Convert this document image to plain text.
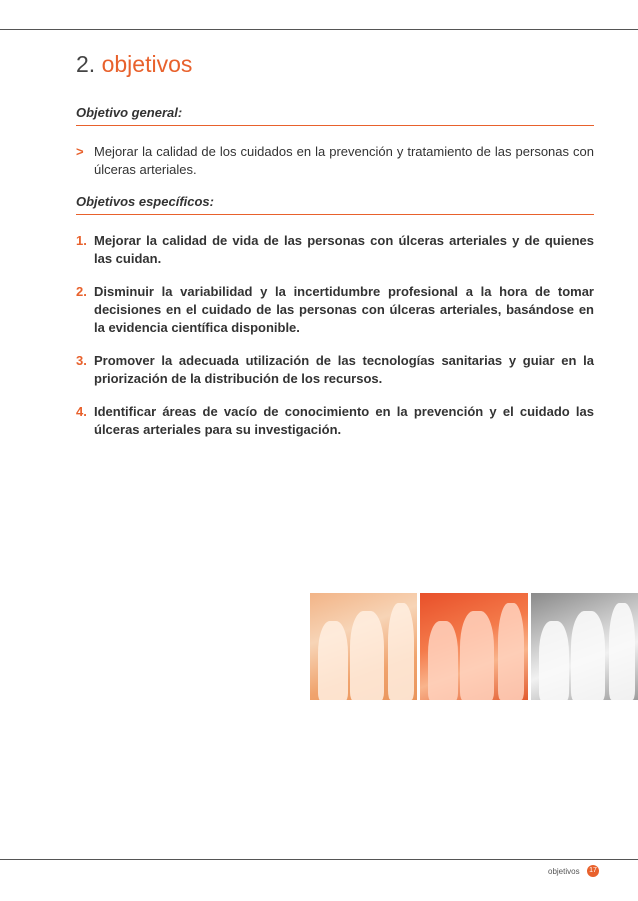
2. objetivos
Objetivo general:
> Mejorar la calidad de los cuidados en la prevención y tratamiento de las personas con úlceras arteriales.
Objetivos específicos:
1. Mejorar la calidad de vida de las personas con úlceras arteriales y de quienes las cuidan.
2. Disminuir la variabilidad y la incertidumbre profesional a la hora de tomar decisiones en el cuidado de las personas con úlceras arteriales, basándose en la evidencia científica disponible.
3. Promover la adecuada utilización de las tecnologías sanitarias y guiar en la priorización de la distribución de los recursos.
4. Identificar áreas de vacío de conocimiento en la prevención y el cuidado las úlceras arteriales para su investigación.
objetivos 17
